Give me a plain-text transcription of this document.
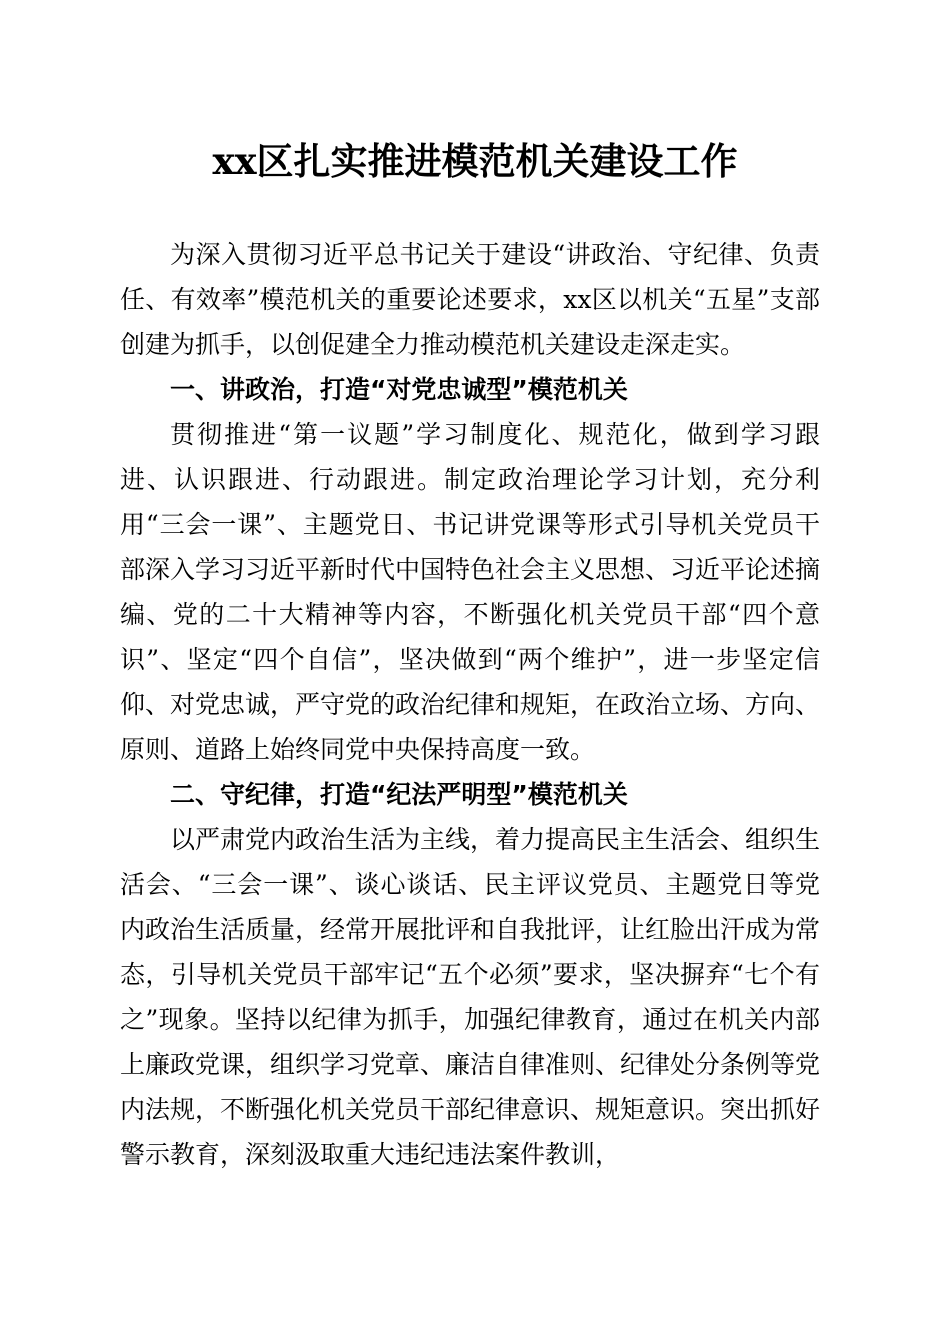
xx区扎实推进模范机关建设工作

为深入贯彻习近平总书记关于建设“讲政治、守纪律、负责任、有效率”模范机关的重要论述要求，xx区以机关“五星”支部创建为抓手，以创促建全力推动模范机关建设走深走实。

一、讲政治，打造“对党忠诚型”模范机关

贯彻推进“第一议题”学习制度化、规范化，做到学习跟进、认识跟进、行动跟进。制定政治理论学习计划，充分利用“三会一课”、主题党日、书记讲党课等形式引导机关党员干部深入学习习近平新时代中国特色社会主义思想、习近平论述摘编、党的二十大精神等内容，不断强化机关党员干部“四个意识”、坚定“四个自信”，坚决做到“两个维护”，进一步坚定信仰、对党忠诚，严守党的政治纪律和规矩，在政治立场、方向、原则、道路上始终同党中央保持高度一致。

二、守纪律，打造“纪法严明型”模范机关

以严肃党内政治生活为主线，着力提高民主生活会、组织生活会、“三会一课”、谈心谈话、民主评议党员、主题党日等党内政治生活质量，经常开展批评和自我批评，让红脸出汗成为常态，引导机关党员干部牢记“五个必须”要求，坚决摒弃“七个有之”现象。坚持以纪律为抓手，加强纪律教育，通过在机关内部上廉政党课，组织学习党章、廉洁自律准则、纪律处分条例等党内法规，不断强化机关党员干部纪律意识、规矩意识。突出抓好警示教育，深刻汲取重大违纪违法案件教训，
